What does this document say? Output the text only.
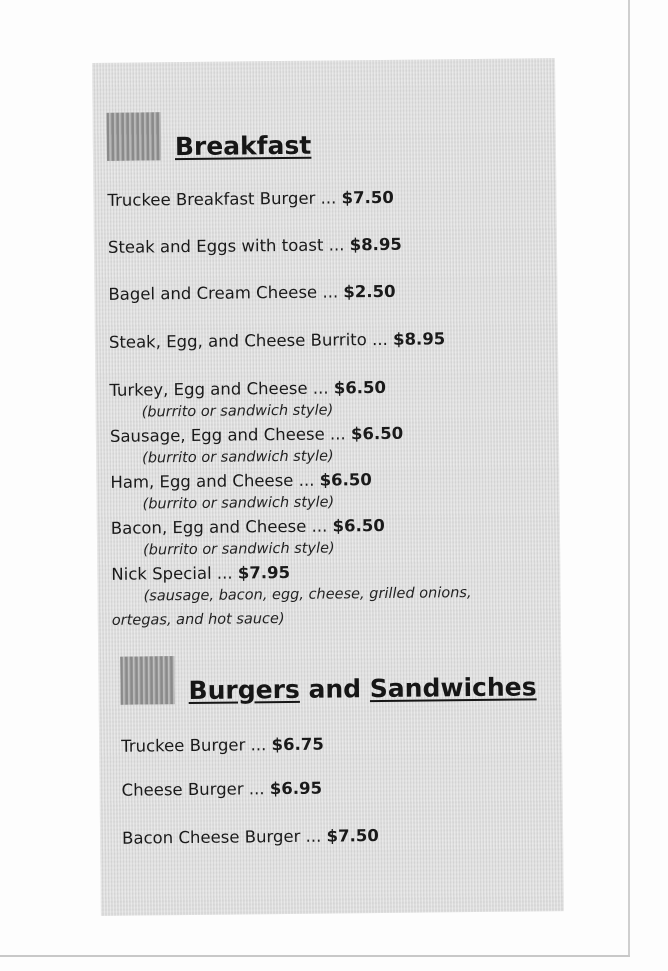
Breakfast

Truckee Breakfast Burger ... $7.50

Steak and Eggs with toast ... $8.95

Bagel and Cream Cheese ... $2.50

Steak, Egg, and Cheese Burrito ... $8.95

Turkey, Egg and Cheese ... $6.50

(burrito or sandwich style)

Sausage, Egg and Cheese ... $6.50

(burrito or sandwich style)

Ham, Egg and Cheese ... $6.50

(burrito or sandwich style)

Bacon, Egg and Cheese ... $6.50

(burrito or sandwich style)

Nick Special ... $7.95

(sausage, bacon, egg, cheese, grilled onions,

ortegas, and hot sauce)

Burgers and Sandwiches

Truckee Burger ... $6.75

Cheese Burger ... $6.95

Bacon Cheese Burger ... $7.50
